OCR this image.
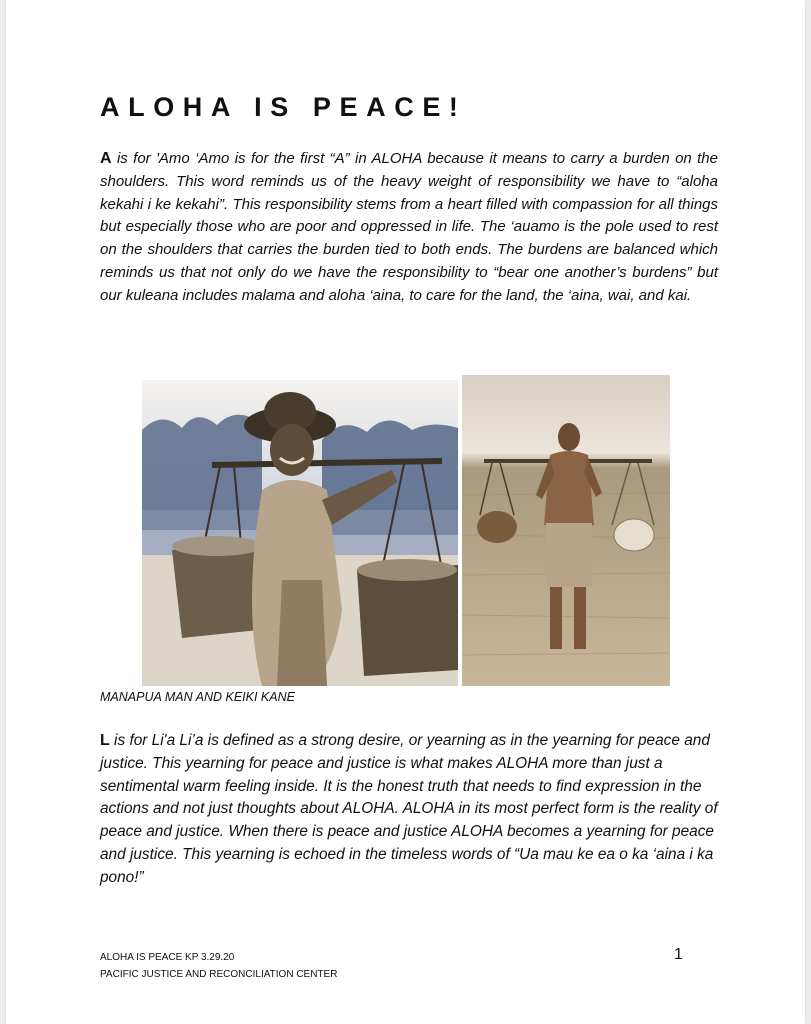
ALOHA IS PEACE!

A is for 'Amo ‘Amo is for the first “A” in ALOHA because it means to carry a burden on the shoulders. This word reminds us of the heavy weight of responsibility we have to “aloha kekahi i ke kekahi”. This responsibility stems from a heart filled with compassion for all things but especially those who are poor and oppressed in life. The ‘auamo is the pole used to rest on the shoulders that carries the burden tied to both ends. The burdens are balanced which reminds us that not only do we have the responsibility to “bear one another’s burdens” but our kuleana includes malama and aloha ‘aina, to care for the land, the ‘aina, wai, and kai.

MANAPUA MAN AND KEIKI KANE

L is for Li'a Li’a is defined as a strong desire, or yearning as in the yearning for peace and justice. This yearning for peace and justice is what makes ALOHA more than just a sentimental warm feeling inside. It is the honest truth that needs to find expression in the actions and not just thoughts about ALOHA. ALOHA in its most perfect form is the reality of peace and justice. When there is peace and justice ALOHA becomes a yearning for peace and justice. This yearning is echoed in the timeless words of “Ua mau ke ea o ka ‘aina i ka pono!”

ALOHA IS PEACE KP 3.29.20

PACIFIC JUSTICE AND RECONCILIATION CENTER

1
